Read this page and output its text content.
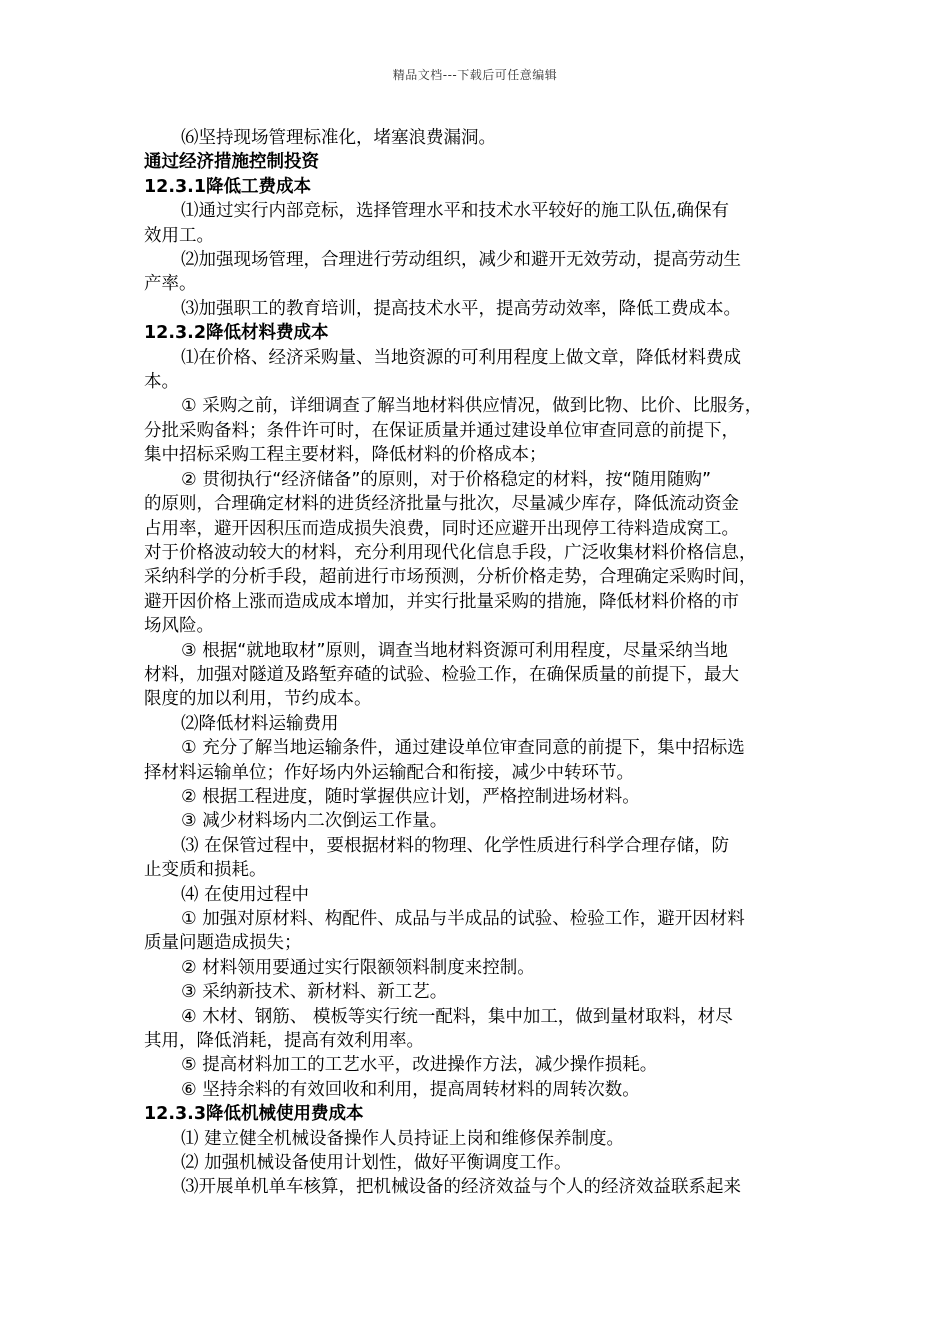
精品文档---下载后可任意编辑

⑹坚持现场管理标准化，堵塞浪费漏洞。

通过经济措施控制投资

12.3.1降低工费成本

⑴通过实行内部竞标，选择管理水平和技术水平较好的施工队伍,确保有

效用工。

⑵加强现场管理，合理进行劳动组织，减少和避开无效劳动，提高劳动生

产率。

⑶加强职工的教育培训，提高技术水平，提高劳动效率，降低工费成本。

12.3.2降低材料费成本

⑴在价格、经济采购量、当地资源的可利用程度上做文章，降低材料费成

本。

① 采购之前，详细调查了解当地材料供应情况，做到比物、比价、比服务，

分批采购备料；条件许可时，在保证质量并通过建设单位审查同意的前提下，

集中招标采购工程主要材料，降低材料的价格成本；

② 贯彻执行“经济储备”的原则，对于价格稳定的材料，按“随用随购”

的原则，合理确定材料的进货经济批量与批次，尽量减少库存，降低流动资金

占用率，避开因积压而造成损失浪费，同时还应避开出现停工待料造成窝工。

对于价格波动较大的材料，充分利用现代化信息手段，广泛收集材料价格信息，

采纳科学的分析手段，超前进行市场预测，分析价格走势，合理确定采购时间，

避开因价格上涨而造成成本增加，并实行批量采购的措施，降低材料价格的市

场风险。

③ 根据“就地取材”原则，调查当地材料资源可利用程度，尽量采纳当地

材料，加强对隧道及路堑弃碴的试验、检验工作，在确保质量的前提下，最大

限度的加以利用，节约成本。

⑵降低材料运输费用

① 充分了解当地运输条件，通过建设单位审查同意的前提下，集中招标选

择材料运输单位；作好场内外运输配合和衔接，减少中转环节。

② 根据工程进度，随时掌握供应计划，严格控制进场材料。

③ 减少材料场内二次倒运工作量。

⑶ 在保管过程中，要根据材料的物理、化学性质进行科学合理存储，防

止变质和损耗。

⑷ 在使用过程中

① 加强对原材料、构配件、成品与半成品的试验、检验工作，避开因材料

质量问题造成损失；

② 材料领用要通过实行限额领料制度来控制。

③ 采纳新技术、新材料、新工艺。

④ 木材、钢筋、 模板等实行统一配料，集中加工，做到量材取料，材尽

其用，降低消耗，提高有效利用率。

⑤ 提高材料加工的工艺水平，改进操作方法，减少操作损耗。

⑥ 坚持余料的有效回收和利用，提高周转材料的周转次数。

12.3.3降低机械使用费成本

⑴ 建立健全机械设备操作人员持证上岗和维修保养制度。

⑵ 加强机械设备使用计划性，做好平衡调度工作。

⑶开展单机单车核算，把机械设备的经济效益与个人的经济效益联系起来
